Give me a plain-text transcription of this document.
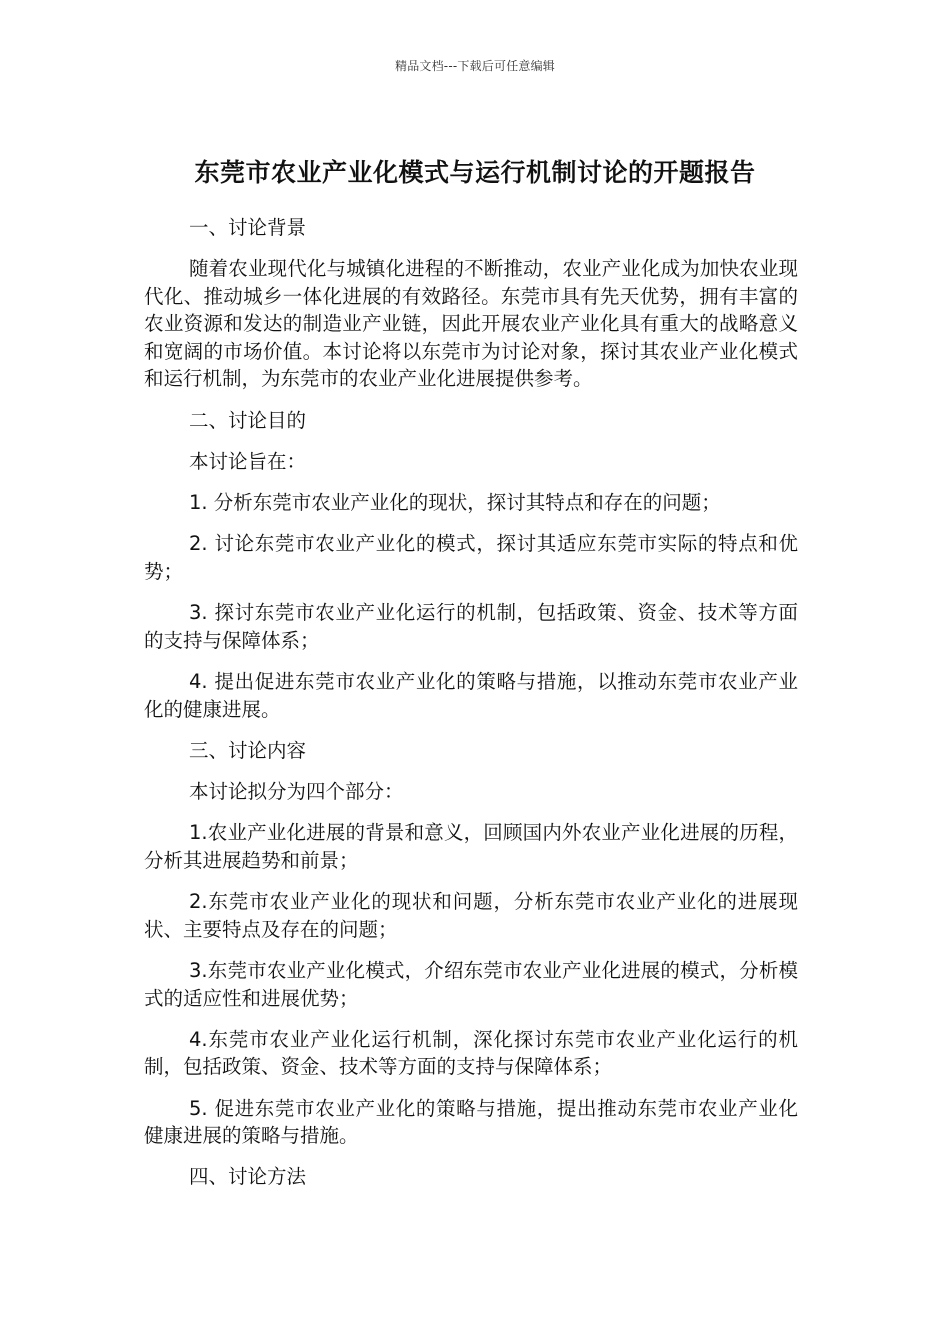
精品文档---下载后可任意编辑
东莞市农业产业化模式与运行机制讨论的开题报告

一、讨论背景

随着农业现代化与城镇化进程的不断推动，农业产业化成为加快农业现代化、推动城乡一体化进展的有效路径。东莞市具有先天优势，拥有丰富的农业资源和发达的制造业产业链，因此开展农业产业化具有重大的战略意义和宽阔的市场价值。本讨论将以东莞市为讨论对象，探讨其农业产业化模式和运行机制，为东莞市的农业产业化进展提供参考。

二、讨论目的

本讨论旨在：

1. 分析东莞市农业产业化的现状，探讨其特点和存在的问题；

2. 讨论东莞市农业产业化的模式，探讨其适应东莞市实际的特点和优势；

3. 探讨东莞市农业产业化运行的机制，包括政策、资金、技术等方面的支持与保障体系；

4. 提出促进东莞市农业产业化的策略与措施，以推动东莞市农业产业化的健康进展。

三、讨论内容

本讨论拟分为四个部分：

1.农业产业化进展的背景和意义，回顾国内外农业产业化进展的历程，分析其进展趋势和前景；

2.东莞市农业产业化的现状和问题，分析东莞市农业产业化的进展现状、主要特点及存在的问题；

3.东莞市农业产业化模式，介绍东莞市农业产业化进展的模式，分析模式的适应性和进展优势；

4.东莞市农业产业化运行机制，深化探讨东莞市农业产业化运行的机制，包括政策、资金、技术等方面的支持与保障体系；

5. 促进东莞市农业产业化的策略与措施，提出推动东莞市农业产业化健康进展的策略与措施。

四、讨论方法
